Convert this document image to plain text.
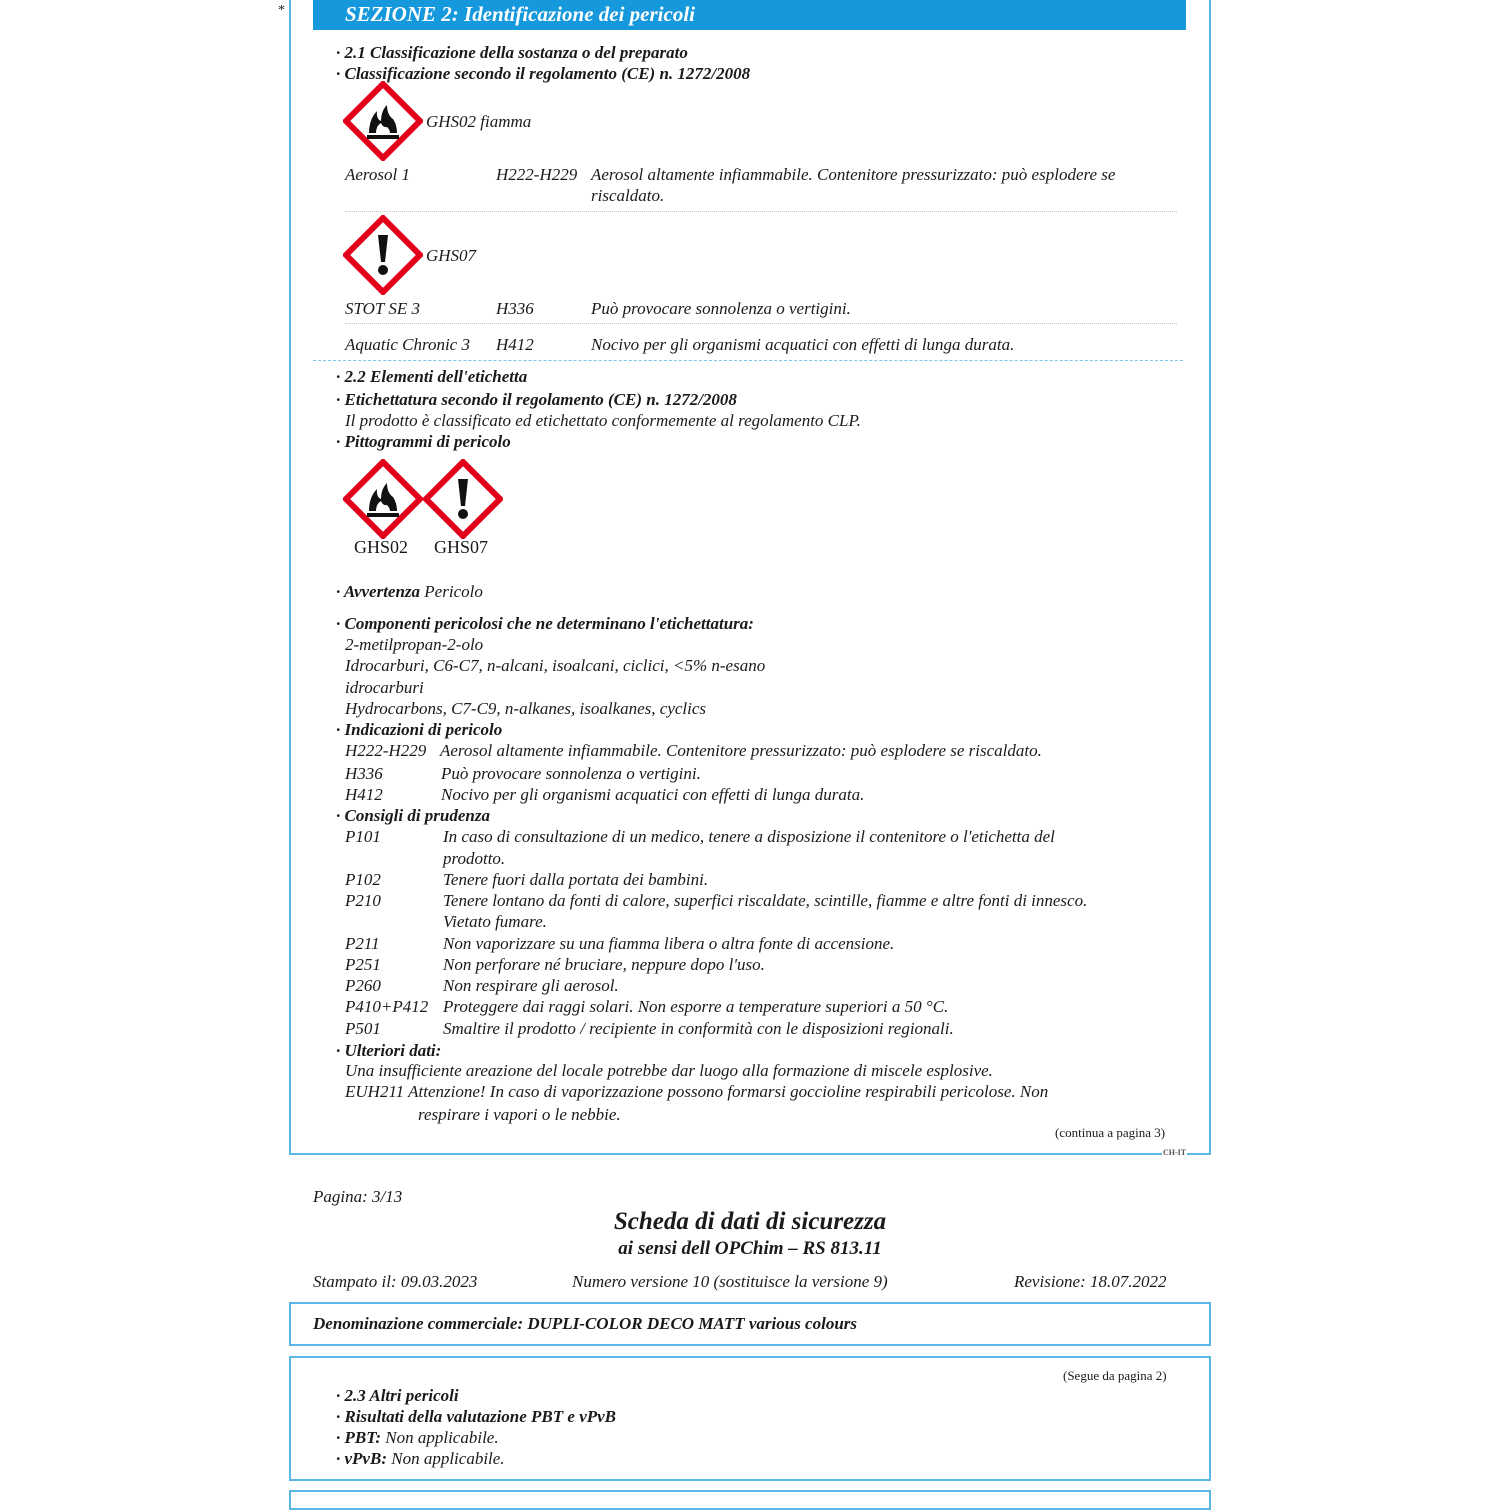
*	SEZIONE 2: Identificazione dei pericoli
· 2.1 Classificazione della sostanza o del preparato
· Classificazione secondo il regolamento (CE) n. 1272/2008
GHS02 fiamma
Aerosol 1	H222-H229 Aerosol altamente infiammabile. Contenitore pressurizzato: può esplodere se
riscaldato.
GHS07
STOT SE 3	H336	Può provocare sonnolenza o vertigini.
Aquatic Chronic 3 H412	Nocivo per gli organismi acquatici con effetti di lunga durata.
· 2.2 Elementi dell'etichetta
· Etichettatura secondo il regolamento (CE) n. 1272/2008
Il prodotto è classificato ed etichettato conformemente al regolamento CLP.
· Pittogrammi di pericolo
GHS02 GHS07
· Avvertenza Pericolo
· Componenti pericolosi che ne determinano l'etichettatura:
2-metilpropan-2-olo
Idrocarburi, C6-C7, n-alcani, isoalcani, ciclici, <5% n-esano
idrocarburi
Hydrocarbons, C7-C9, n-alkanes, isoalkanes, cyclics
· Indicazioni di pericolo
H222-H229 Aerosol altamente infiammabile. Contenitore pressurizzato: può esplodere se riscaldato.
H336	Può provocare sonnolenza o vertigini.
H412	Nocivo per gli organismi acquatici con effetti di lunga durata.
· Consigli di prudenza
P101	In caso di consultazione di un medico, tenere a disposizione il contenitore o l'etichetta del
prodotto.
P102	Tenere fuori dalla portata dei bambini.
P210	Tenere lontano da fonti di calore, superfici riscaldate, scintille, fiamme e altre fonti di innesco.
Vietato fumare.
P211	Non vaporizzare su una fiamma libera o altra fonte di accensione.
P251	Non perforare né bruciare, neppure dopo l'uso.
P260	Non respirare gli aerosol.
P410+P412 Proteggere dai raggi solari. Non esporre a temperature superiori a 50 °C.
P501	Smaltire il prodotto / recipiente in conformità con le disposizioni regionali.
· Ulteriori dati:
Una insufficiente areazione del locale potrebbe dar luogo alla formazione di miscele esplosive.
EUH211 Attenzione! In caso di vaporizzazione possono formarsi goccioline respirabili pericolose. Non
respirare i vapori o le nebbie.
(continua a pagina 3)
CH-IT
Pagina: 3/13
Scheda di dati di sicurezza
ai sensi dell OPChim – RS 813.11
Stampato il: 09.03.2023	Numero versione 10 (sostituisce la versione 9)	Revisione: 18.07.2022
Denominazione commerciale: DUPLI-COLOR DECO MATT various colours
(Segue da pagina 2)
· 2.3 Altri pericoli
· Risultati della valutazione PBT e vPvB
· PBT: Non applicabile.
· vPvB: Non applicabile.
